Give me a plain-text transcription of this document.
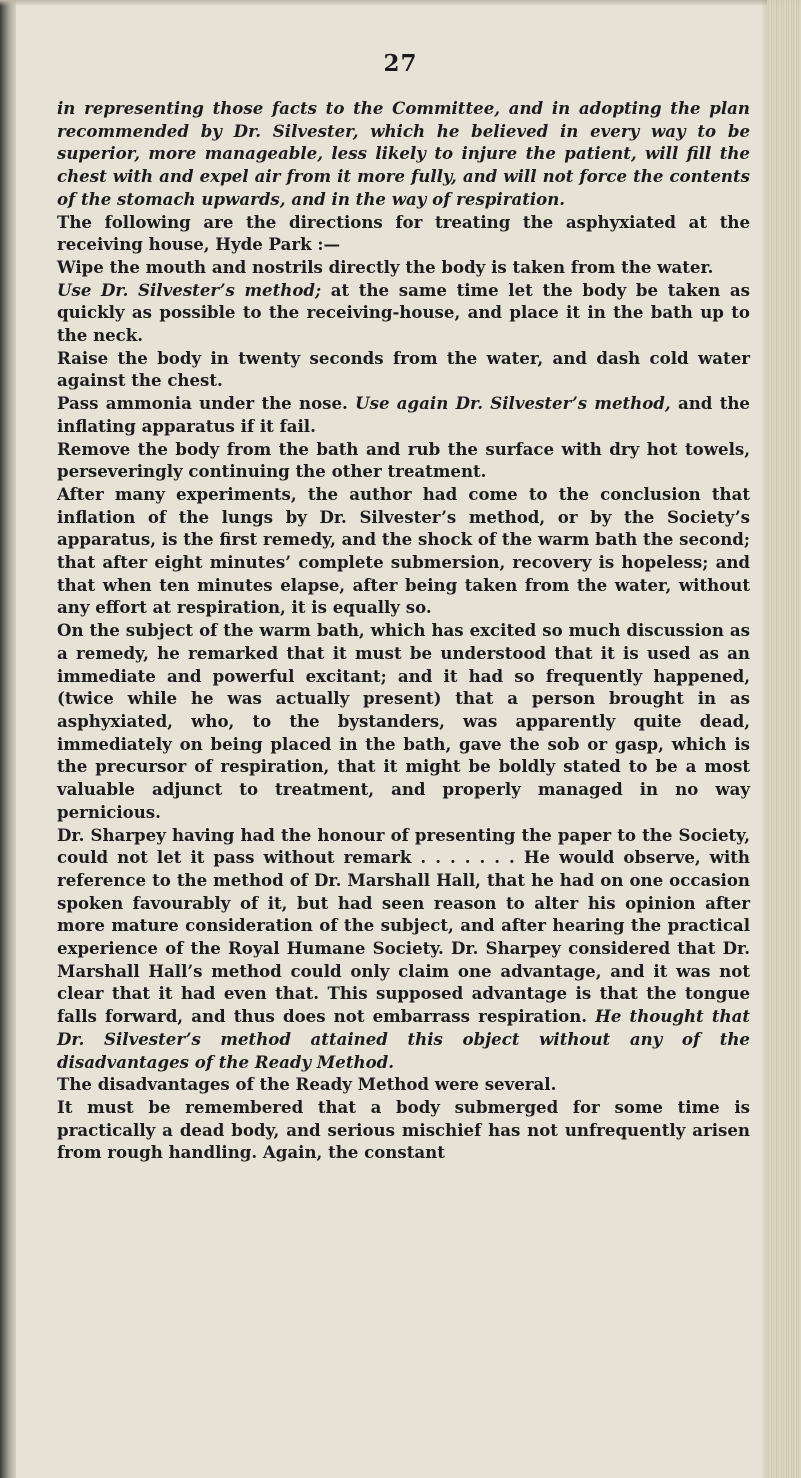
27

in representing those facts to the Committee, and in adopting the plan recommended by Dr. Silvester, which he believed in every way to be superior, more manageable, less likely to injure the patient, will fill the chest with and expel air from it more fully, and will not force the contents of the stomach upwards, and in the way of respiration.

The following are the directions for treating the asphyxiated at the receiving house, Hyde Park :—

Wipe the mouth and nostrils directly the body is taken from the water.

Use Dr. Silvester’s method; at the same time let the body be taken as quickly as possible to the receiving-house, and place it in the bath up to the neck.

Raise the body in twenty seconds from the water, and dash cold water against the chest.

Pass ammonia under the nose. Use again Dr. Silvester’s method, and the inflating apparatus if it fail.

Remove the body from the bath and rub the surface with dry hot towels, perseveringly continuing the other treatment.

After many experiments, the author had come to the conclusion that inflation of the lungs by Dr. Silvester’s method, or by the Society’s apparatus, is the first remedy, and the shock of the warm bath the second; that after eight minutes’ complete submersion, recovery is hopeless; and that when ten minutes elapse, after being taken from the water, without any effort at respiration, it is equally so.

On the subject of the warm bath, which has excited so much discussion as a remedy, he remarked that it must be understood that it is used as an immediate and powerful excitant; and it had so frequently happened, (twice while he was actually present) that a person brought in as asphyxiated, who, to the bystanders, was apparently quite dead, immediately on being placed in the bath, gave the sob or gasp, which is the precursor of respiration, that it might be boldly stated to be a most valuable adjunct to treatment, and properly managed in no way pernicious.

Dr. Sharpey having had the honour of presenting the paper to the Society, could not let it pass without remark . . . . . . . He would observe, with reference to the method of Dr. Marshall Hall, that he had on one occasion spoken favourably of it, but had seen reason to alter his opinion after more mature consideration of the subject, and after hearing the practical experience of the Royal Humane Society. Dr. Sharpey considered that Dr. Marshall Hall’s method could only claim one advantage, and it was not clear that it had even that. This supposed advantage is that the tongue falls forward, and thus does not embarrass respiration. He thought that Dr. Silvester’s method attained this object without any of the disadvantages of the Ready Method.

The disadvantages of the Ready Method were several.

It must be remembered that a body submerged for some time is practically a dead body, and serious mischief has not unfrequently arisen from rough handling. Again, the constant
